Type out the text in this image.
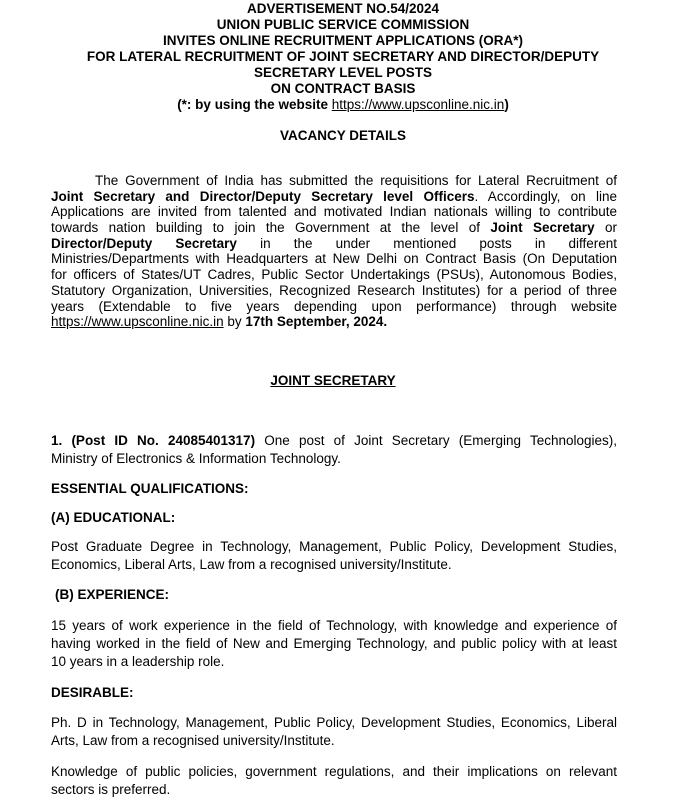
ADVERTISEMENT NO.54/2024
UNION PUBLIC SERVICE COMMISSION
INVITES ONLINE RECRUITMENT APPLICATIONS (ORA*)
FOR LATERAL RECRUITMENT OF JOINT SECRETARY AND DIRECTOR/DEPUTY
SECRETARY LEVEL POSTS
ON CONTRACT BASIS
(*: by using the website https://www.upsconline.nic.in)
VACANCY DETAILS
The Government of India has submitted the requisitions for Lateral Recruitment of
Joint Secretary and Director/Deputy Secretary level Officers. Accordingly, on line
Applications are invited from talented and motivated Indian nationals willing to contribute
towards nation building to join the Government at the level of Joint Secretary or
Director/Deputy Secretary in the under mentioned posts in different
Ministries/Departments with Headquarters at New Delhi on Contract Basis (On Deputation
for officers of States/UT Cadres, Public Sector Undertakings (PSUs), Autonomous Bodies,
Statutory Organization, Universities, Recognized Research Institutes) for a period of three
years (Extendable to five years depending upon performance) through website
https://www.upsconline.nic.in by 17th September, 2024.
JOINT SECRETARY
1. (Post ID No. 24085401317) One post of Joint Secretary (Emerging Technologies),
Ministry of Electronics & Information Technology.
ESSENTIAL QUALIFICATIONS:
(A) EDUCATIONAL:
Post Graduate Degree in Technology, Management, Public Policy, Development Studies,
Economics, Liberal Arts, Law from a recognised university/Institute.
(B) EXPERIENCE:
15 years of work experience in the field of Technology, with knowledge and experience of
having worked in the field of New and Emerging Technology, and public policy with at least
10 years in a leadership role.
DESIRABLE:
Ph. D in Technology, Management, Public Policy, Development Studies, Economics, Liberal
Arts, Law from a recognised university/Institute.
Knowledge of public policies, government regulations, and their implications on relevant
sectors is preferred.
